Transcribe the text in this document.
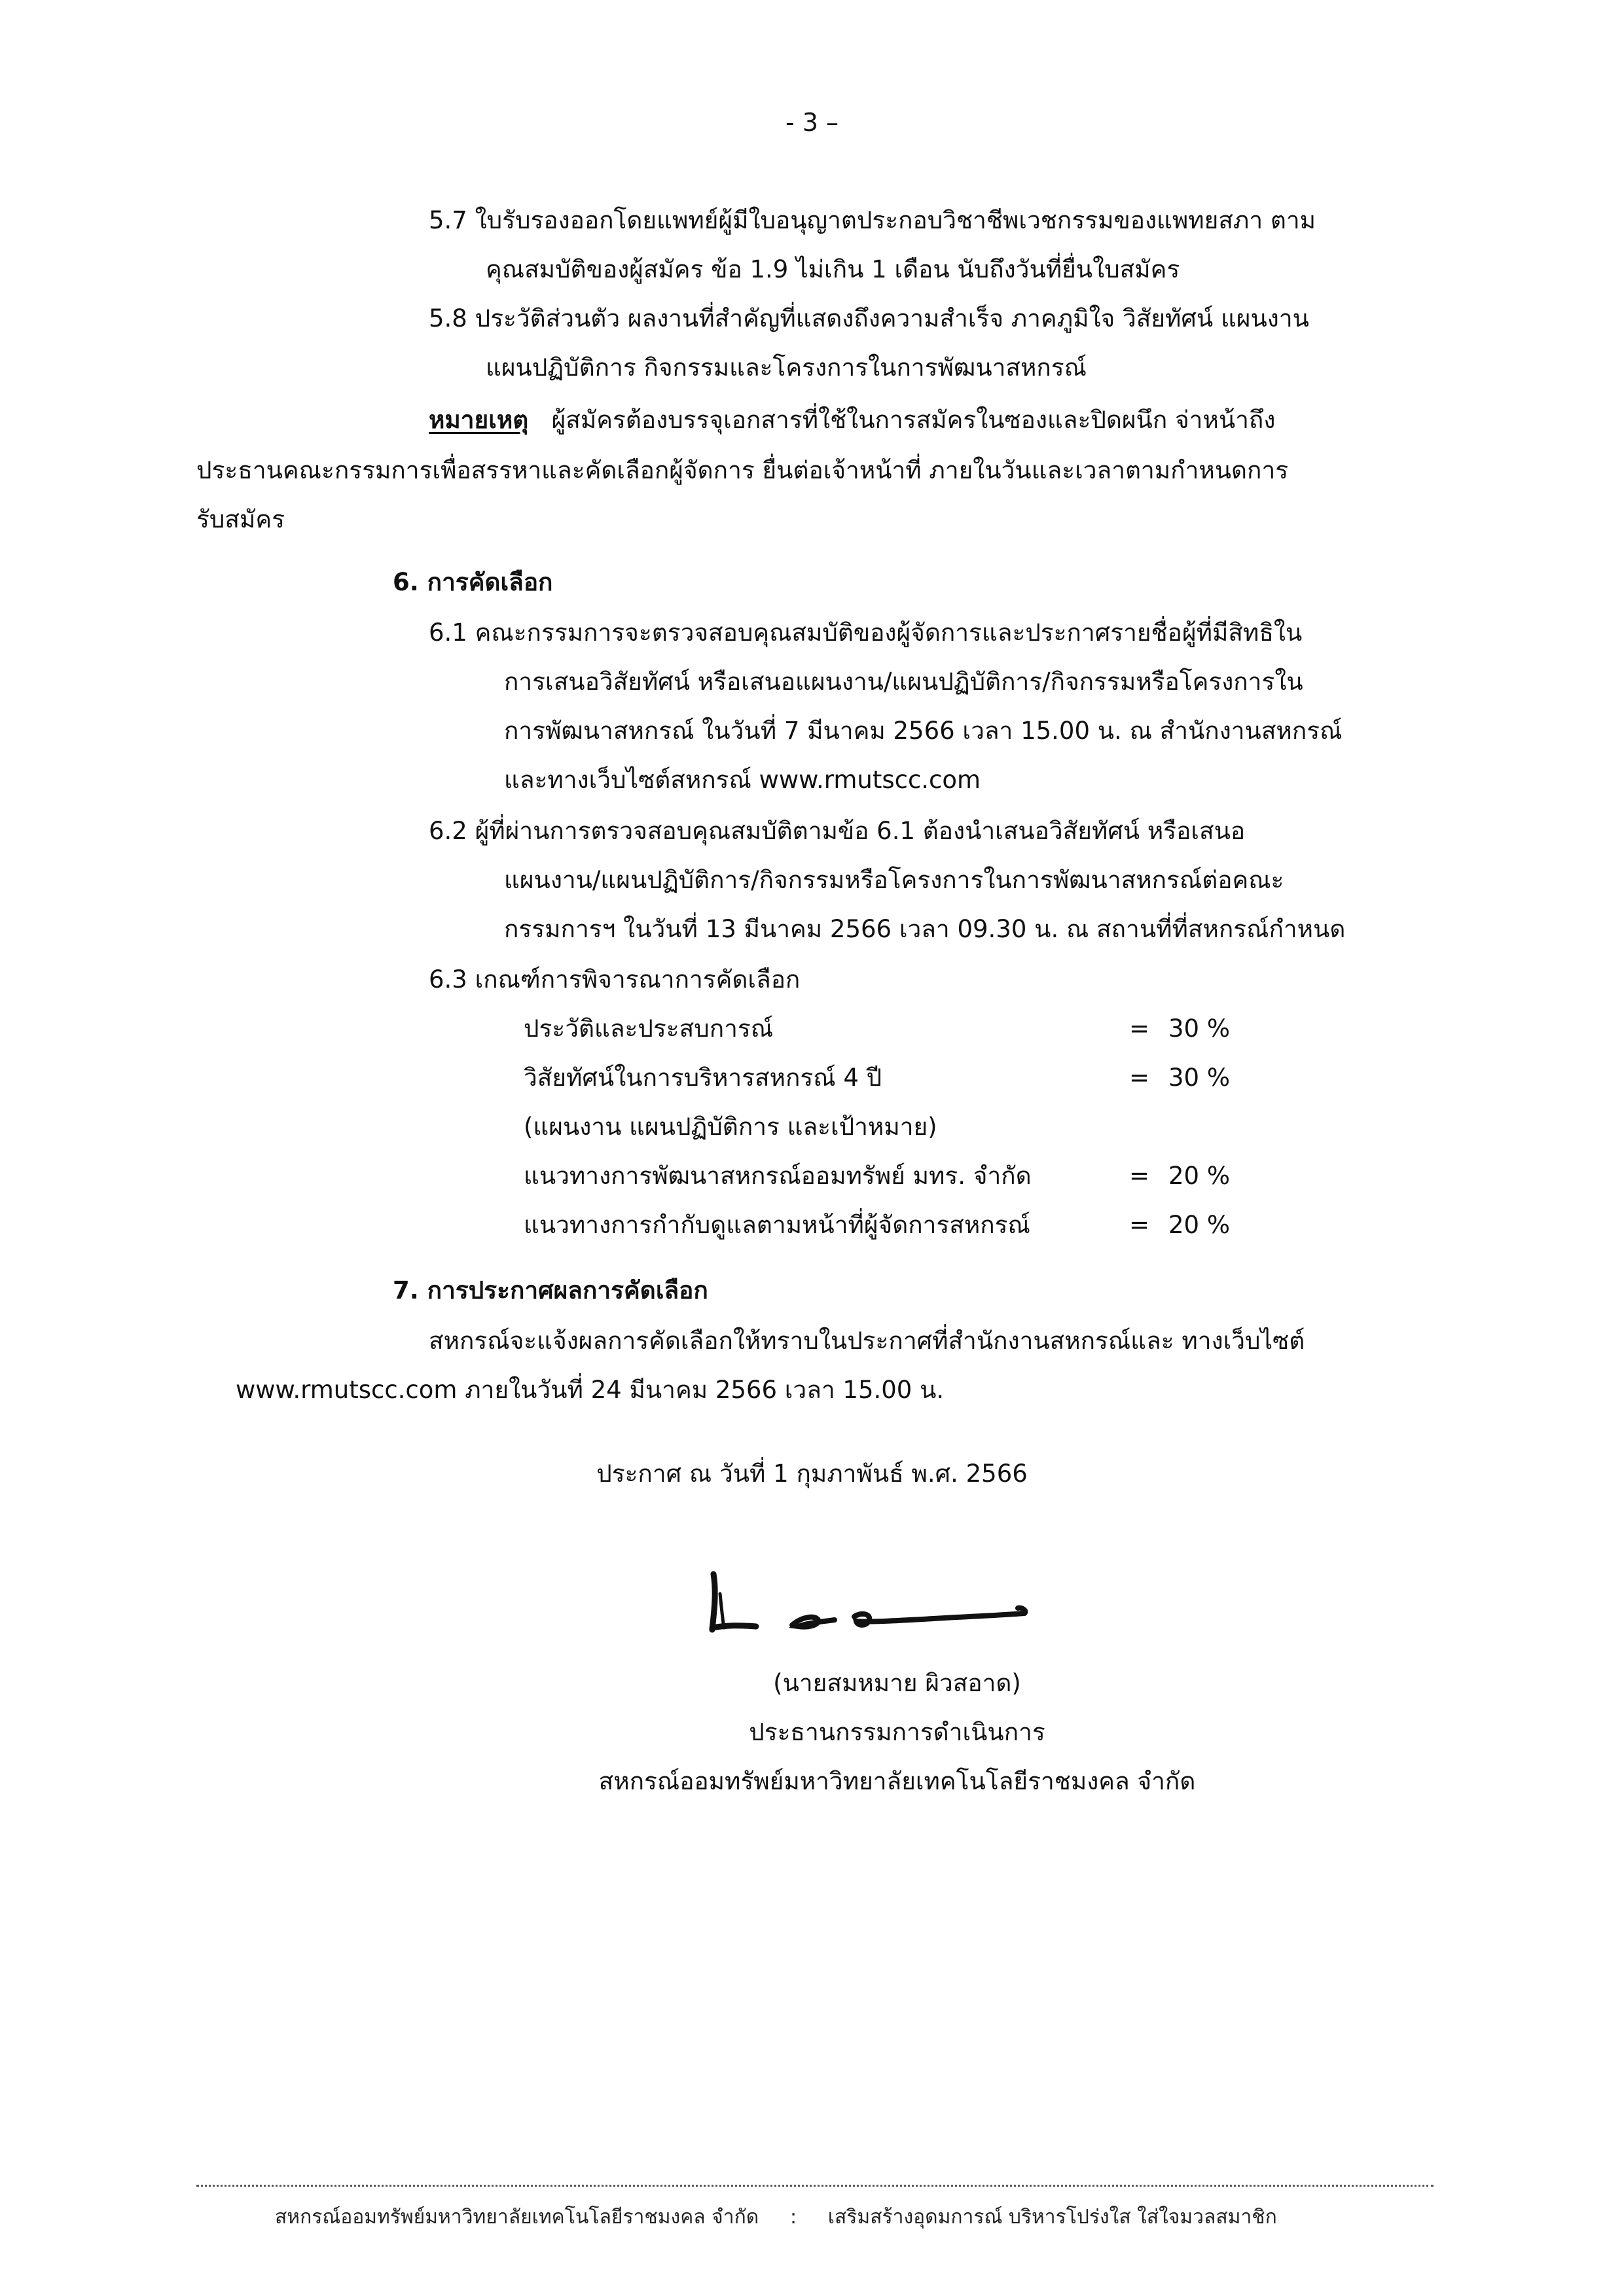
- 3 –
5.7 ใบรับรองออกโดยแพทย์ผู้มีใบอนุญาตประกอบวิชาชีพเวชกรรมของแพทยสภา ตาม
คุณสมบัติของผู้สมัคร ข้อ 1.9 ไม่เกิน 1 เดือน นับถึงวันที่ยื่นใบสมัคร
5.8 ประวัติส่วนตัว ผลงานที่สำคัญที่แสดงถึงความสำเร็จ ภาคภูมิใจ วิสัยทัศน์ แผนงาน
แผนปฏิบัติการ กิจกรรมและโครงการในการพัฒนาสหกรณ์
หมายเหตุ ผู้สมัครต้องบรรจุเอกสารที่ใช้ในการสมัครในซองและปิดผนึก จ่าหน้าถึง
ประธานคณะกรรมการเพื่อสรรหาและคัดเลือกผู้จัดการ ยื่นต่อเจ้าหน้าที่ ภายในวันและเวลาตามกำหนดการ
รับสมัคร
6. การคัดเลือก
6.1 คณะกรรมการจะตรวจสอบคุณสมบัติของผู้จัดการและประกาศรายชื่อผู้ที่มีสิทธิใน
การเสนอวิสัยทัศน์ หรือเสนอแผนงาน/แผนปฏิบัติการ/กิจกรรมหรือโครงการใน
การพัฒนาสหกรณ์ ในวันที่ 7 มีนาคม 2566 เวลา 15.00 น. ณ สำนักงานสหกรณ์
และทางเว็บไซต์สหกรณ์ www.rmutscc.com
6.2 ผู้ที่ผ่านการตรวจสอบคุณสมบัติตามข้อ 6.1 ต้องนำเสนอวิสัยทัศน์ หรือเสนอ
แผนงาน/แผนปฏิบัติการ/กิจกรรมหรือโครงการในการพัฒนาสหกรณ์ต่อคณะ
กรรมการฯ ในวันที่ 13 มีนาคม 2566 เวลา 09.30 น. ณ สถานที่ที่สหกรณ์กำหนด
6.3 เกณฑ์การพิจารณาการคัดเลือก
ประวัติและประสบการณ์	= 30 %
วิสัยทัศน์ในการบริหารสหกรณ์ 4 ปี	= 30 %
(แผนงาน แผนปฏิบัติการ และเป้าหมาย)
แนวทางการพัฒนาสหกรณ์ออมทรัพย์ มทร. จำกัด	= 20 %
แนวทางการกำกับดูแลตามหน้าที่ผู้จัดการสหกรณ์	= 20 %
7. การประกาศผลการคัดเลือก
สหกรณ์จะแจ้งผลการคัดเลือกให้ทราบในประกาศที่สำนักงานสหกรณ์และ ทางเว็บไซต์
www.rmutscc.com ภายในวันที่ 24 มีนาคม 2566 เวลา 15.00 น.
ประกาศ ณ วันที่ 1 กุมภาพันธ์ พ.ศ. 2566
(นายสมหมาย ผิวสอาด)
ประธานกรรมการดำเนินการ
สหกรณ์ออมทรัพย์มหาวิทยาลัยเทคโนโลยีราชมงคล จำกัด
สหกรณ์ออมทรัพย์มหาวิทยาลัยเทคโนโลยีราชมงคล จำกัด : เสริมสร้างอุดมการณ์ บริหารโปร่งใส ใส่ใจมวลสมาชิก
